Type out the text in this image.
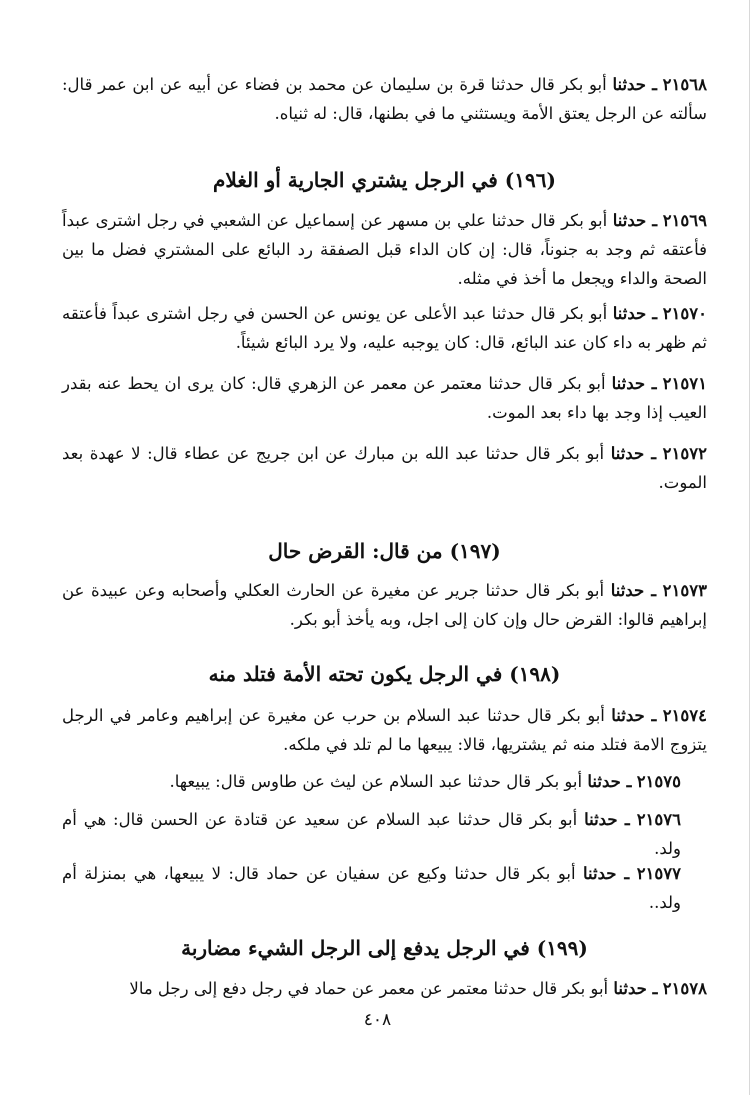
٢١٥٦٨ ـ حدثنا أبو بكر قال حدثنا قرة بن سليمان عن محمد بن فضاء عن أبيه عن ابن عمر قال: سألته عن الرجل يعتق الأمة ويستثني ما في بطنها، قال: له ثنياه.
(١٩٦) في الرجل يشتري الجارية أو الغلام
٢١٥٦٩ ـ حدثنا أبو بكر قال حدثنا علي بن مسهر عن إسماعيل عن الشعبي في رجل اشترى عبداً فأعتقه ثم وجد به جنوناً، قال: إن كان الداء قبل الصفقة رد البائع على المشتري فضل ما بين الصحة والداء ويجعل ما أخذ في مثله.
٢١٥٧٠ ـ حدثنا أبو بكر قال حدثنا عبد الأعلى عن يونس عن الحسن في رجل اشترى عبداً فأعتقه ثم ظهر به داء كان عند البائع، قال: كان يوجبه عليه، ولا يرد البائع شيئاً.
٢١٥٧١ ـ حدثنا أبو بكر قال حدثنا معتمر عن معمر عن الزهري قال: كان يرى ان يحط عنه بقدر العيب إذا وجد بها داء بعد الموت.
٢١٥٧٢ ـ حدثنا أبو بكر قال حدثنا عبد الله بن مبارك عن ابن جريج عن عطاء قال: لا عهدة بعد الموت.
(١٩٧) من قال: القرض حال
٢١٥٧٣ ـ حدثنا أبو بكر قال حدثنا جرير عن مغيرة عن الحارث العكلي وأصحابه وعن عبيدة عن إبراهيم قالوا: القرض حال وإن كان إلى اجل، وبه يأخذ أبو بكر.
(١٩٨) في الرجل يكون تحته الأمة فتلد منه
٢١٥٧٤ ـ حدثنا أبو بكر قال حدثنا عبد السلام بن حرب عن مغيرة عن إبراهيم وعامر في الرجل يتزوج الامة فتلد منه ثم يشتريها، قالا: يبيعها ما لم تلد في ملكه.
٢١٥٧٥ ـ حدثنا أبو بكر قال حدثنا عبد السلام عن ليث عن طاوس قال: يبيعها.
٢١٥٧٦ ـ حدثنا أبو بكر قال حدثنا عبد السلام عن سعيد عن قتادة عن الحسن قال: هي أم ولد.
٢١٥٧٧ ـ حدثنا أبو بكر قال حدثنا وكيع عن سفيان عن حماد قال: لا يبيعها، هي بمنزلة أم ولد..
(١٩٩) في الرجل يدفع إلى الرجل الشيء مضاربة
٢١٥٧٨ ـ حدثنا أبو بكر قال حدثنا معتمر عن معمر عن حماد في رجل دفع إلى رجل مالا
٤٠٨
